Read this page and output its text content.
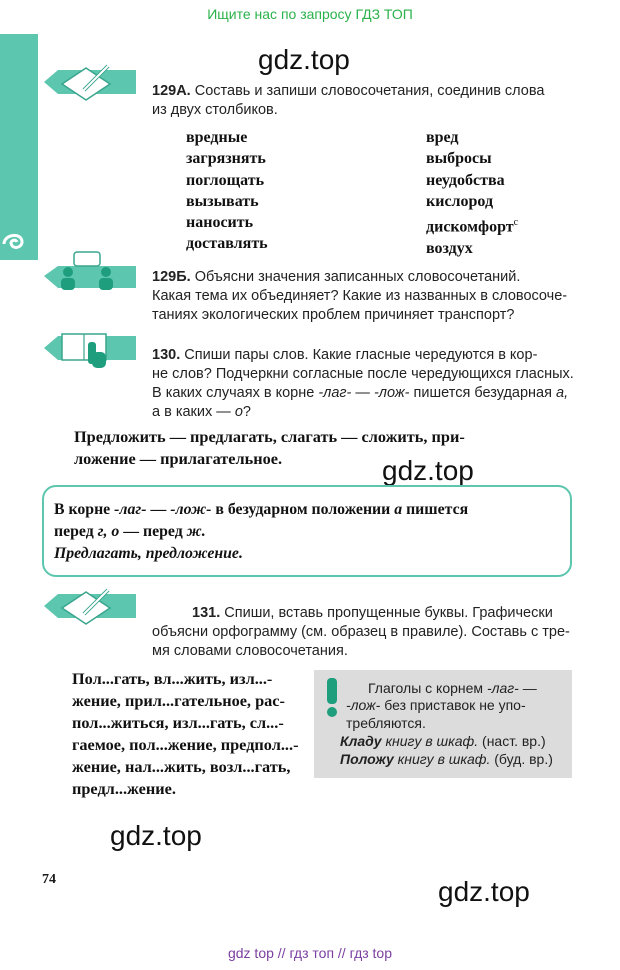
Ищите нас по запросу ГДЗ ТОП
gdz.top
gdz.top
gdz.top
gdz.top
129А. Составь и запиши словосочетания, соединив слова
из двух столбиков.
вредные
загрязнять
поглощать
вызывать
наносить
доставлять
вред
выбросы
неудобства
кислород
дискомфорт$^с$
воздух
129Б. Объясни значения записанных словосочетаний.
Какая тема их объединяет? Какие из названных в словосоче-
таниях экологических проблем причиняет транспорт?
130. Спиши пары слов. Какие гласные чередуются в кор-
не слов? Подчеркни согласные после чередующихся гласных.
В каких случаях в корне -лаг- — -лож- пишется безударная а,
а в каких — о?
Предложить — предлагать, слагать — сложить, при-
ложение — прилагательное.

В корне -лаг- — -лож- в безударном положении а пишется

перед г, о — перед ж.

Предлагать, предложение.

131. Спиши, вставь пропущенные буквы. Графически
объясни орфограмму (см. образец в правиле). Составь с тре-
мя словами словосочетания.
Пол...гать, вл...жить, изл...-
жение, прил...гательное, рас-
пол...житься, изл...гать, сл...-
гаемое, пол...жение, предпол...-
жение, нал...жить, возл...гать,
предл...жение.
Глаголы с корнем -лаг- —
-лож- без приставок не упо-
требляются.
Кладу книгу в шкаф. (наст. вр.)
Положу книгу в шкаф. (буд. вр.)
74
gdz top // гдз топ // гдз top
